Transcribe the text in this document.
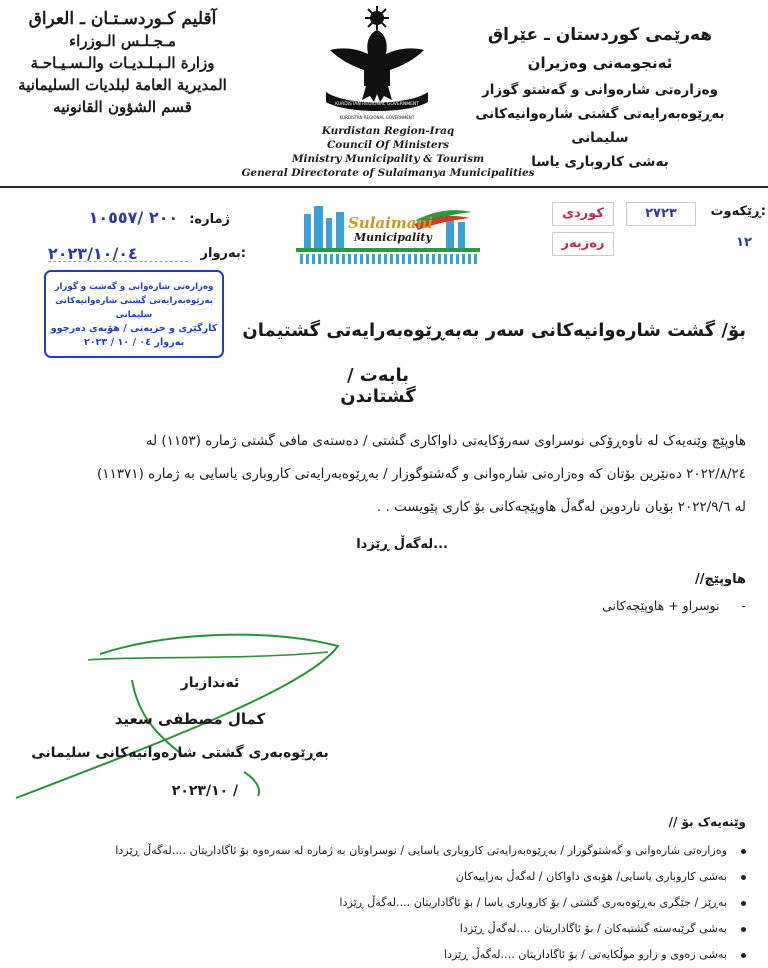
آقليم كـوردسـتـان ـ العراق
مـجـلـس الـوزراء
وزارة الـبـلـديـات والـسـيـاحـة
المديرية العامة لبلديات السليمانية
قسم الشؤون القانونيه
هەرێمی کوردستان ـ عێراق
ئەنجومەنی وەزیران
وەزارەتی شارەوانی و گەشتو گوزار
بەڕێوەبەرایەتی گشتی شارەوانیەکانی سلیمانی
بەشی کاروباری یاسا
KURDISTAN REGIONAL GOVERNMENT
KURDISTAN REGIONAL GOVERNMENT
Kurdistan Region-Iraq
Council Of Ministers
Ministry Municipality & Tourism
General Directorate of Sulaimanya Municipalities
ژمارە: ٢٠٠ /١٠٥٥٧
٢٠٢٣/١٠/٠٤	بەروار:
Sulaimani
Municipality
کوردی	٢٧٢٣	ڕێکەوت:
رەزبەر	١٢
وەزارەتی شارەوانی و گەشت و گوزار
بەرێوەبەرایەتی گشتی شارەوانیەکانی سلیمانی
کارگێری و خزیەتی / هۆبەی دەرچوو
بەروار ٠٤ / ١٠ / ٢٠٢٣
بۆ/ گشت شارەوانیەکانی سەر بەبەڕێوەبەرایەتی گشتیمان
بابەت / گشتاندن
هاوپێچ وێنەیەک لە ناوەڕۆکی نوسراوی سەرۆکایەتی داواکاری گشتی / دەستەی مافی گشتی ژمارە (١١٥٣) لە
٢٠٢٢/٨/٢٤ دەنێرین بۆتان کە وەزارەتی شارەوانی و گەشتوگوزار / بەڕێوەبەرایەتی کاروباری یاسایی بە ژمارە (١١٣٧١)
لە ٢٠٢٢/٩/٦ بۆیان ناردوین لەگەڵ هاوپێچەکانی بۆ کاری پێویست . .
...لەگەڵ ڕێزدا
هاوپێچ//
- نوسراو + هاوپێچەکانی
ئەندازیار
کمال مصطفی سعید
بەڕێوەبەری گشتی شارەوانیەکانی سلیمانی
٢٠٢٣/١٠ /
وێنەیەک بۆ //
وەزارەتی شارەوانی و گەشتوگوزار / بەڕێوەبەرایەتی کاروباری یاسایی / نوسراوتان بە ژمارە لە سەرەوە بۆ ئاگاداریتان ....لەگەڵ ڕێزدا
بەشی کاروباری یاسایی/ هۆبەی داواکان / لەگەڵ بەراییەکان
بەڕێز / جێگری بەڕێوەبەری گشتی / بۆ کاروباری یاسا / بۆ ئاگاداریتان ....لەگەڵ ڕێزدا
بەشی گرێبەستە گشتیەکان / بۆ ئاگاداریتان ....لەگەڵ ڕێزدا
بەشی زەوی و زارو موڵکایەتی / بۆ ئاگاداریتان ....لەگەڵ ڕێزدا
